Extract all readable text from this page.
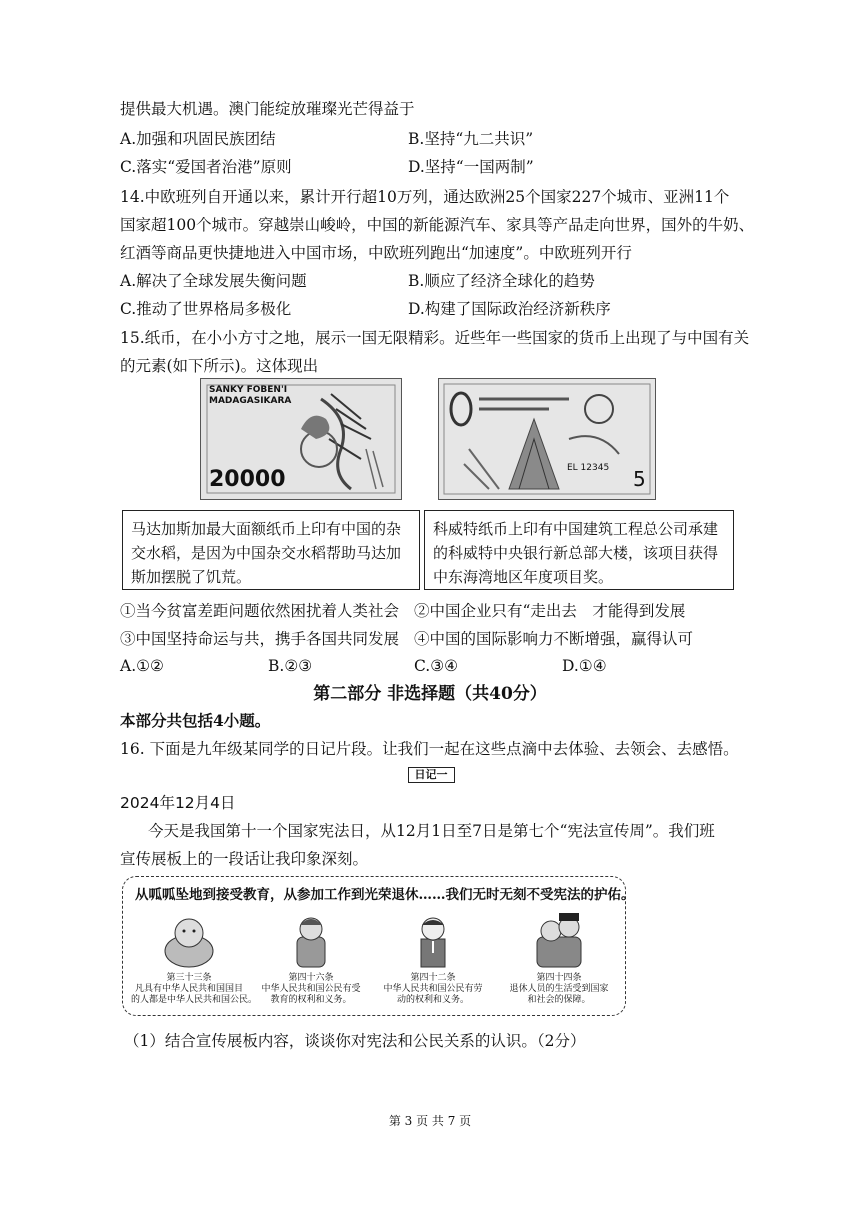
提供最大机遇。澳门能绽放璀璨光芒得益于
A.加强和巩固民族团结	B.坚持“九二共识”
C.落实“爱国者治港”原则	D.坚持“一国两制”
14.中欧班列自开通以来，累计开行超10万列，通达欧洲25个国家227个城市、亚洲11个
国家超100个城市。穿越崇山峻岭，中国的新能源汽车、家具等产品走向世界，国外的牛奶、
红酒等商品更快捷地进入中国市场，中欧班列跑出“加速度”。中欧班列开行
A.解决了全球发展失衡问题	B.顺应了经济全球化的趋势
C.推动了世界格局多极化	D.构建了国际政治经济新秩序
15.纸币，在小小方寸之地，展示一国无限精彩。近些年一些国家的货币上出现了与中国有关
的元素(如下所示)。这体现出
SANKY FOBEN'I MADAGASIKARA
20000	EL 12345 5
马达加斯加最大面额纸币上印有中国的杂交水稻，是因为中国杂交水稻帮助马达加斯加摆脱了饥荒。
科威特纸币上印有中国建筑工程总公司承建的科威特中央银行新总部大楼，该项目获得中东海湾地区年度项目奖。
①当今贫富差距问题依然困扰着人类社会 ②中国企业只有“走出去　才能得到发展
③中国坚持命运与共，携手各国共同发展 ④中国的国际影响力不断增强，赢得认可
A.①②	B.②③	C.③④	D.①④
第二部分 非选择题（共40分）
本部分共包括4小题。
16. 下面是九年级某同学的日记片段。让我们一起在这些点滴中去体验、去领会、去感悟。
日记一
2024年12月4日
今天是我国第十一个国家宪法日，从12月1日至7日是第七个“宪法宣传周”。我们班
宣传展板上的一段话让我印象深刻。
从呱呱坠地到接受教育，从参加工作到光荣退休……我们无时无刻不受宪法的护佑。
第三十三条
凡具有中华人民共和国国目
的人都是中华人民共和国公民。
第四十六条
中华人民共和国公民有受
教育的权利和义务。
第四十二条
中华人民共和国公民有劳
动的权利和义务。
第四十四条
退休人员的生活受到国家
和社会的保障。
（1）结合宣传展板内容，谈谈你对宪法和公民关系的认识。（2分）
第 3 页 共 7 页
